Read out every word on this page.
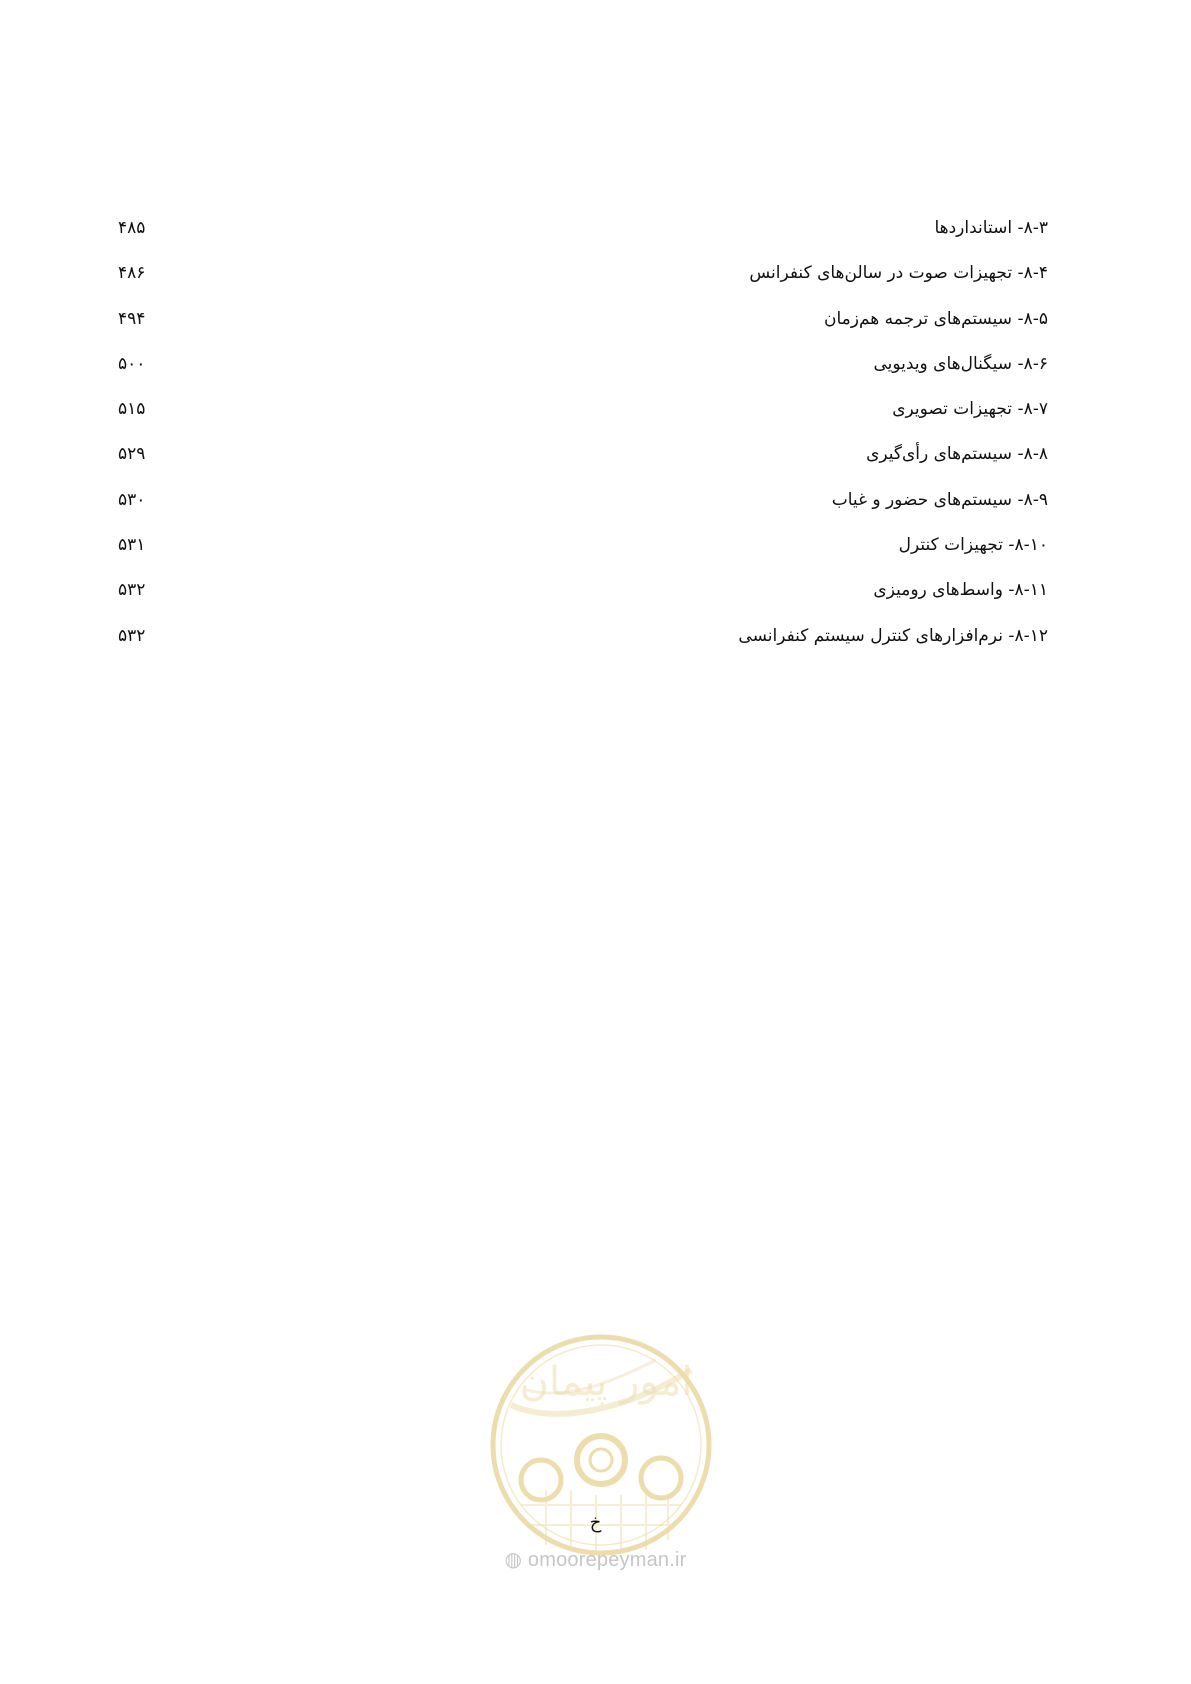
۸-۳- استانداردها
۴۸۵
۸-۴- تجهیزات صوت در سالن‌های کنفرانس
۴۸۶
۸-۵- سیستم‌های ترجمه هم‌زمان
۴۹۴
۸-۶- سیگنال‌های ویدیویی
۵۰۰
۸-۷- تجهیزات تصویری
۵۱۵
۸-۸- سیستم‌های رأی‌گیری
۵۲۹
۸-۹- سیستم‌های حضور و غیاب
۵۳۰
۸-۱۰- تجهیزات کنترل
۵۳۱
۸-۱۱- واسط‌های رومیزی
۵۳۲
۸-۱۲- نرم‌افزارهای کنترل سیستم کنفرانسی
۵۳۲
امور پیمان
خ
◍ omoorepeyman.ir
